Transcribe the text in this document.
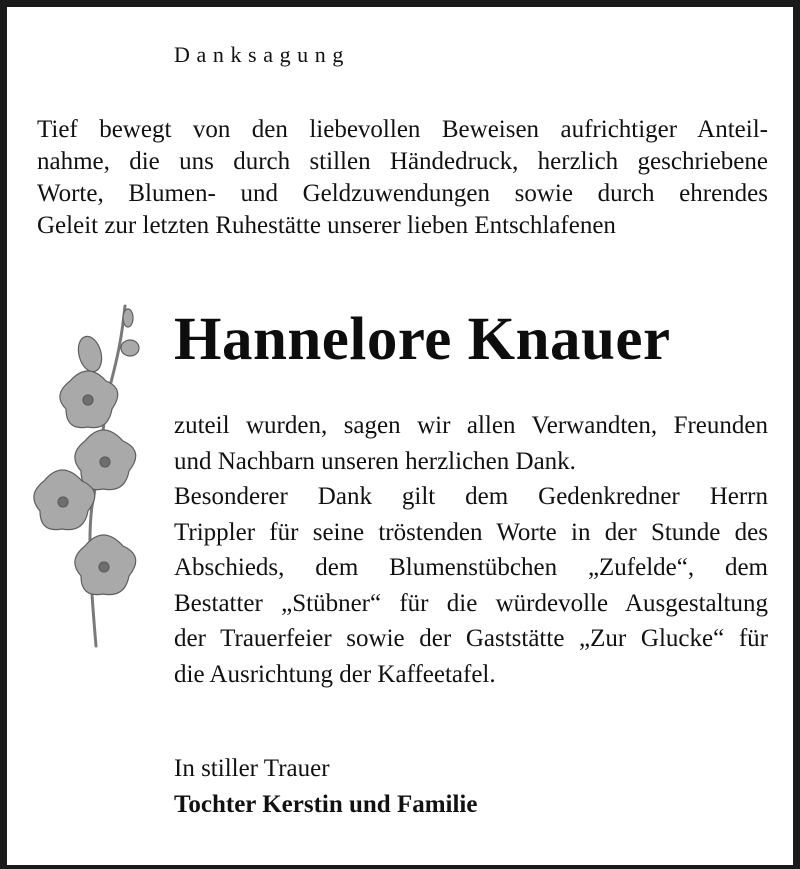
Danksagung
Tief bewegt von den liebevollen Beweisen aufrichtiger Anteil-
nahme, die uns durch stillen Händedruck, herzlich geschriebene
Worte, Blumen- und Geldzuwendungen sowie durch ehrendes
Geleit zur letzten Ruhestätte unserer lieben Entschlafenen
Hannelore Knauer
zuteil wurden, sagen wir allen Verwandten, Freunden
und Nachbarn unseren herzlichen Dank.
Besonderer Dank gilt dem Gedenkredner Herrn
Trippler für seine tröstenden Worte in der Stunde des
Abschieds, dem Blumenstübchen „Zufelde“, dem
Bestatter „Stübner“ für die würdevolle Ausgestaltung
der Trauerfeier sowie der Gaststätte „Zur Glucke“ für
die Ausrichtung der Kaffeetafel.
In stiller Trauer
Tochter Kerstin und Familie
